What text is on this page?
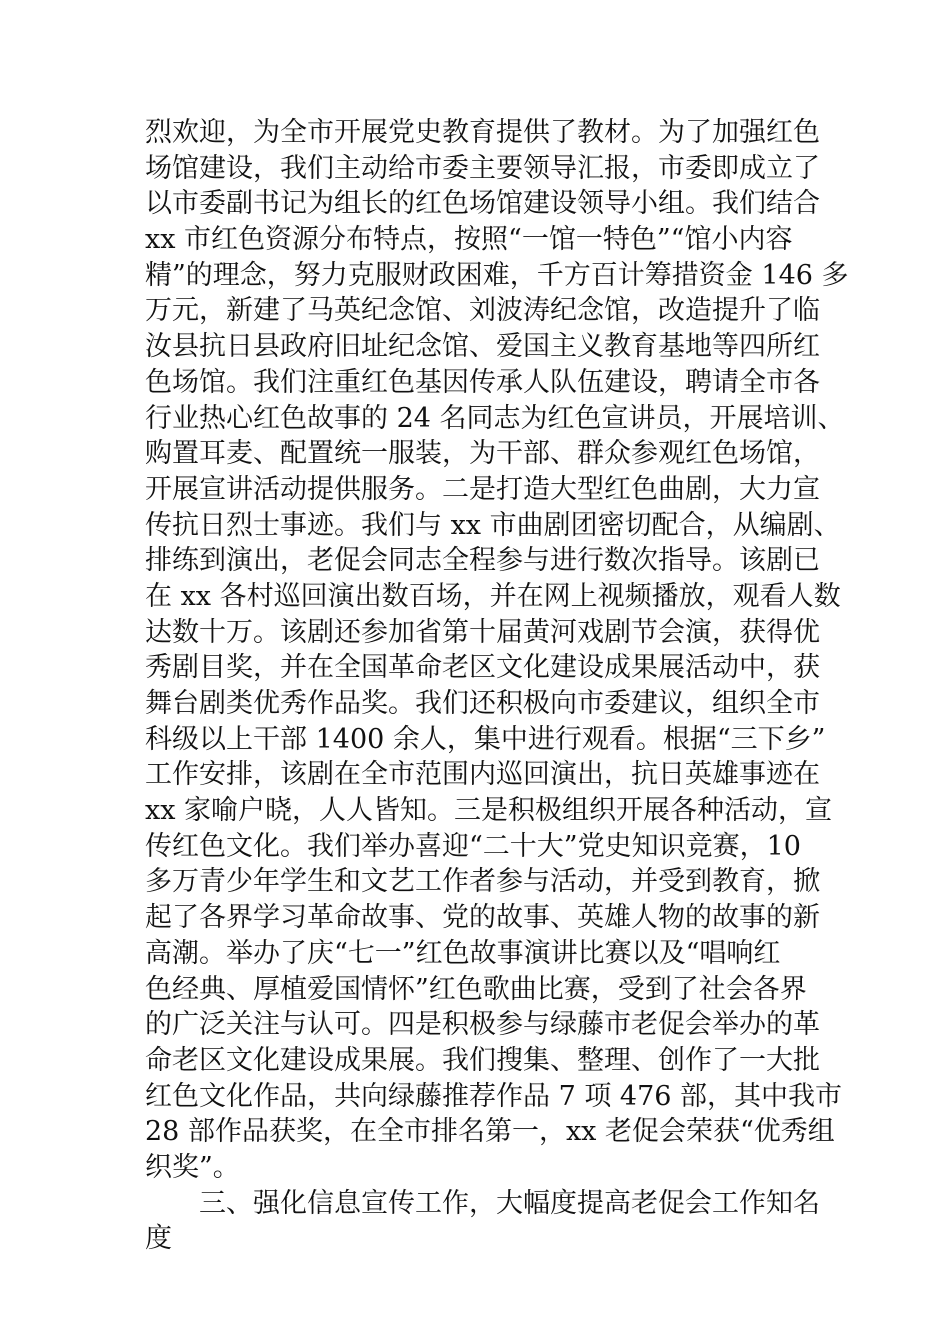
烈欢迎，为全市开展党史教育提供了教材。为了加强红色
场馆建设，我们主动给市委主要领导汇报，市委即成立了
以市委副书记为组长的红色场馆建设领导小组。我们结合
xx 市红色资源分布特点，按照“一馆一特色”“馆小内容
精”的理念，努力克服财政困难，千方百计筹措资金 146 多
万元，新建了马英纪念馆、刘波涛纪念馆，改造提升了临
汝县抗日县政府旧址纪念馆、爱国主义教育基地等四所红
色场馆。我们注重红色基因传承人队伍建设，聘请全市各
行业热心红色故事的 24 名同志为红色宣讲员，开展培训、
购置耳麦、配置统一服装，为干部、群众参观红色场馆，
开展宣讲活动提供服务。二是打造大型红色曲剧，大力宣
传抗日烈士事迹。我们与 xx 市曲剧团密切配合，从编剧、
排练到演出，老促会同志全程参与进行数次指导。该剧已
在 xx 各村巡回演出数百场，并在网上视频播放，观看人数
达数十万。该剧还参加省第十届黄河戏剧节会演，获得优
秀剧目奖，并在全国革命老区文化建设成果展活动中，获
舞台剧类优秀作品奖。我们还积极向市委建议，组织全市
科级以上干部 1400 余人，集中进行观看。根据“三下乡”
工作安排，该剧在全市范围内巡回演出，抗日英雄事迹在
xx 家喻户晓，人人皆知。三是积极组织开展各种活动，宣
传红色文化。我们举办喜迎“二十大”党史知识竞赛，10
多万青少年学生和文艺工作者参与活动，并受到教育，掀
起了各界学习革命故事、党的故事、英雄人物的故事的新
高潮。举办了庆“七一”红色故事演讲比赛以及“唱响红
色经典、厚植爱国情怀”红色歌曲比赛，受到了社会各界
的广泛关注与认可。四是积极参与绿藤市老促会举办的革
命老区文化建设成果展。我们搜集、整理、创作了一大批
红色文化作品，共向绿藤推荐作品 7 项 476 部，其中我市
28 部作品获奖，在全市排名第一，xx 老促会荣获“优秀组
织奖”。
三、强化信息宣传工作，大幅度提高老促会工作知名
度
